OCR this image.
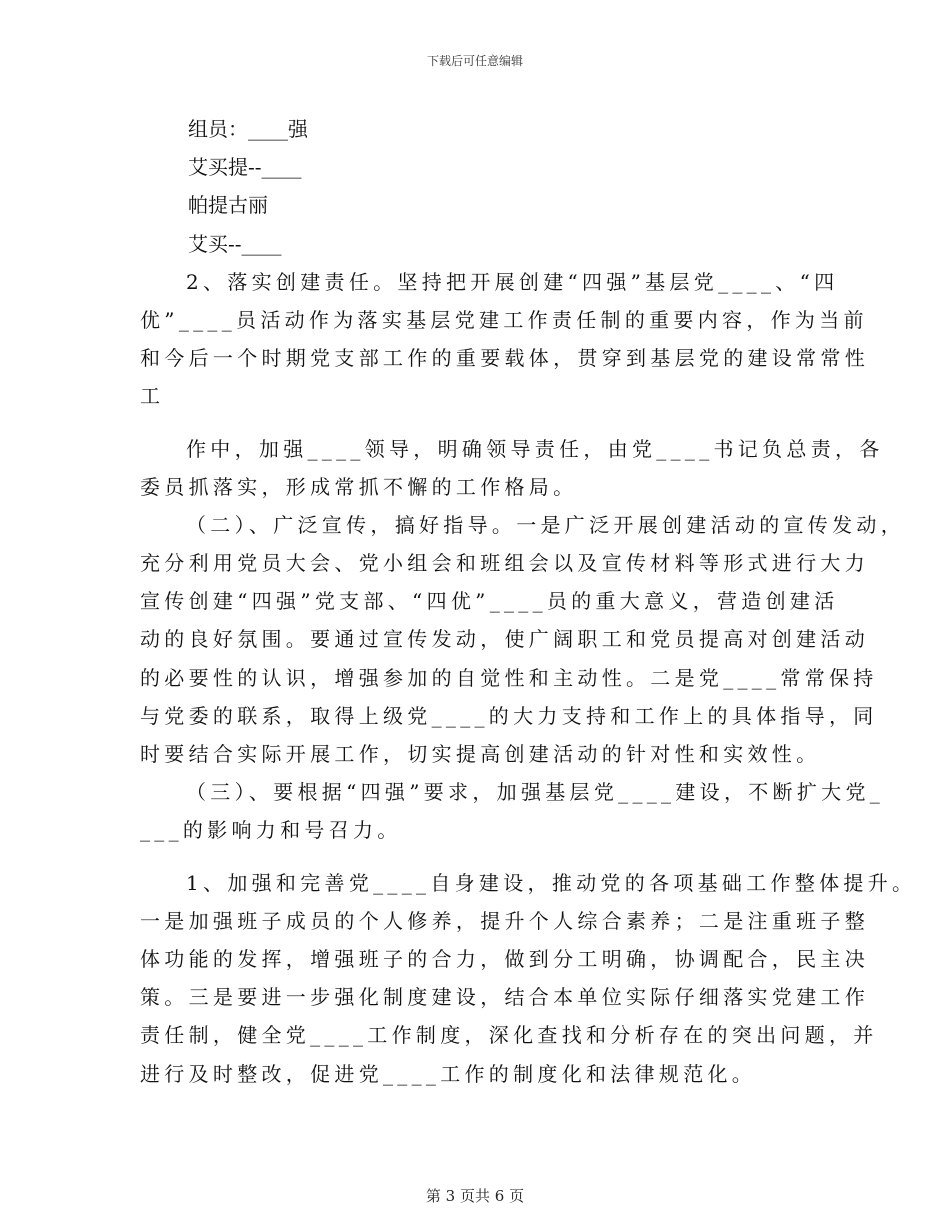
下载后可任意编辑
组员：____强
艾买提--____
帕提古丽
艾买--____
2、落实创建责任。坚持把开展创建“四强”基层党____、“四
优”____员活动作为落实基层党建工作责任制的重要内容，作为当前
和今后一个时期党支部工作的重要载体，贯穿到基层党的建设常常性
工
作中，加强____领导，明确领导责任，由党____书记负总责，各
委员抓落实，形成常抓不懈的工作格局。
（二）、广泛宣传，搞好指导。一是广泛开展创建活动的宣传发动，
充分利用党员大会、党小组会和班组会以及宣传材料等形式进行大力
宣传创建“四强”党支部、“四优”____员的重大意义，营造创建活
动的良好氛围。要通过宣传发动，使广阔职工和党员提高对创建活动
的必要性的认识，增强参加的自觉性和主动性。二是党____常常保持
与党委的联系，取得上级党____的大力支持和工作上的具体指导，同
时要结合实际开展工作，切实提高创建活动的针对性和实效性。
（三）、要根据“四强”要求，加强基层党____建设，不断扩大党_
___的影响力和号召力。
1、加强和完善党____自身建设，推动党的各项基础工作整体提升。
一是加强班子成员的个人修养，提升个人综合素养；二是注重班子整
体功能的发挥，增强班子的合力，做到分工明确，协调配合，民主决
策。三是要进一步强化制度建设，结合本单位实际仔细落实党建工作
责任制，健全党____工作制度，深化查找和分析存在的突出问题，并
进行及时整改，促进党____工作的制度化和法律规范化。
第 3 页共 6 页
